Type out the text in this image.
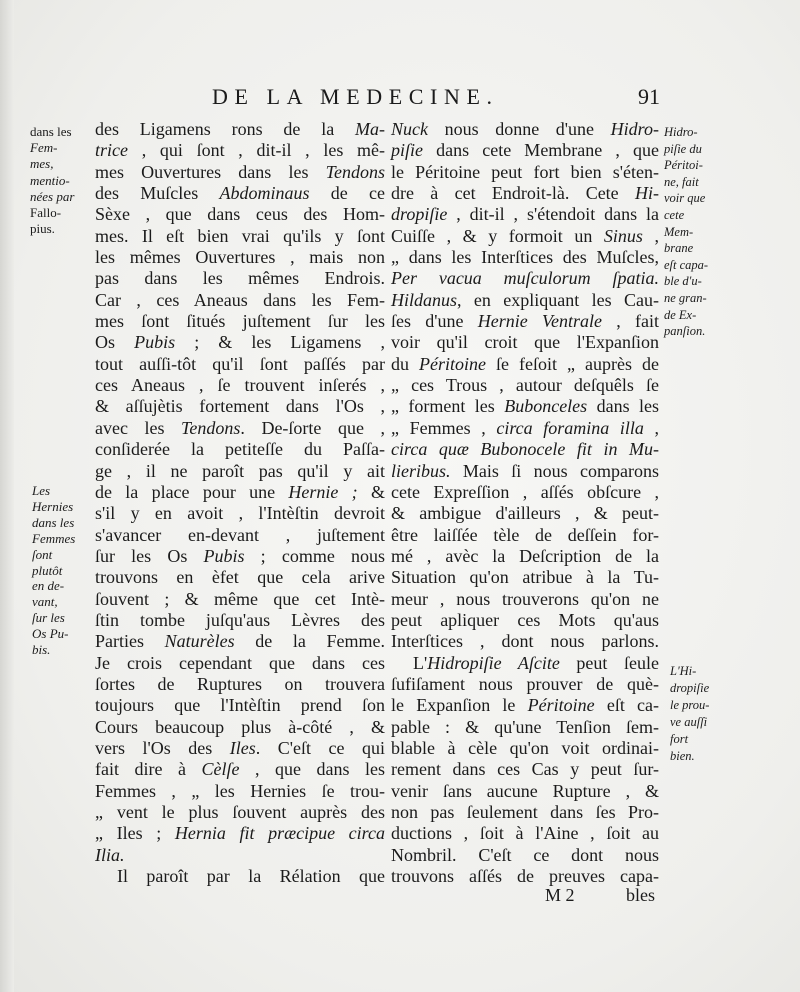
DE LA MEDECINE.	91
des Ligamens rons de la Ma-
trice , qui ſont , dit-il , les mê-
mes Ouvertures dans les Tendons
des Muſcles Abdominaus de ce
Sèxe , que dans ceus des Hom-
mes. Il eſt bien vrai qu'ils y ſont
les mêmes Ouvertures , mais non
pas dans les mêmes Endrois.
Car , ces Aneaus dans les Fem-
mes ſont ſitués juſtement ſur les
Os Pubis ; & les Ligamens ,
tout auſſi-tôt qu'il ſont paſſés par
ces Aneaus , ſe trouvent inſerés ,
& aſſujètis fortement dans l'Os ,
avec les Tendons. De-ſorte que ,
conſiderée la petiteſſe du Paſſa-
ge , il ne paroît pas qu'il y ait
de la place pour une Hernie ; &
s'il y en avoit , l'Intèſtin devroit
s'avancer en-devant , juſtement
ſur les Os Pubis ; comme nous
trouvons en èfet que cela arive
ſouvent ; & même que cet Intè-
ſtin tombe juſqu'aus Lèvres des
Parties Naturèles de la Femme.
Je crois cependant que dans ces
ſortes de Ruptures on trouvera
toujours que l'Intèſtin prend ſon
Cours beaucoup plus à-côté , &
vers l'Os des Iles. C'eſt ce qui
fait dire à Cèlſe , que dans les
Femmes , „ les Hernies ſe trou-
„ vent le plus ſouvent auprès des
„ Iles ; Hernia fit præcipue circa
Ilia.
Il paroît par la Rélation que
Nuck nous donne d'une Hidro-
piſie dans cete Membrane , que
le Péritoine peut fort bien s'éten-
dre à cet Endroit-là. Cete Hi-
dropiſie , dit-il , s'étendoit dans la
Cuiſſe , & y formoit un Sinus ,
„ dans les Interſtices des Muſcles,
Per vacua muſculorum ſpatia.
Hildanus, en expliquant les Cau-
ſes d'une Hernie Ventrale , fait
voir qu'il croit que l'Expanſion
du Péritoine ſe feſoit „ auprès de
„ ces Trous , autour deſquêls ſe
„ forment les Bubonceles dans les
„ Femmes , circa foramina illa ,
circa quæ Bubonocele fit in Mu-
lieribus. Mais ſi nous comparons
cete Expreſſion , aſſés obſcure ,
& ambigue d'ailleurs , & peut-
être laiſſée tèle de deſſein for-
mé , avèc la Deſcription de la
Situation qu'on atribue à la Tu-
meur , nous trouverons qu'on ne
peut apliquer ces Mots qu'aus
Interſtices , dont nous parlons.
L'Hidropiſie Aſcite peut ſeule
ſufiſament nous prouver de què-
le Expanſion le Péritoine eſt ca-
pable : & qu'une Tenſion ſem-
blable à cèle qu'on voit ordinai-
rement dans ces Cas y peut ſur-
venir ſans aucune Rupture , &
non pas ſeulement dans ſes Pro-
ductions , ſoit à l'Aine , ſoit au
Nombril. C'eſt ce dont nous
trouvons aſſés de preuves capa-
dans les
Fem-
mes,
mentio-
nées par
Fallo-
pius.
Les
Hernies
dans les
Femmes
ſont
plutôt
en de-
vant,
ſur les
Os Pu-
bis.
Hidro-
piſie du
Péritoi-
ne, fait
voir que
cete
Mem-
brane
eſt capa-
ble d'u-
ne gran-
de Ex-
panſion.
L'Hi-
dropiſie
le prou-
ve auſſi
fort
bien.
M 2	bles
